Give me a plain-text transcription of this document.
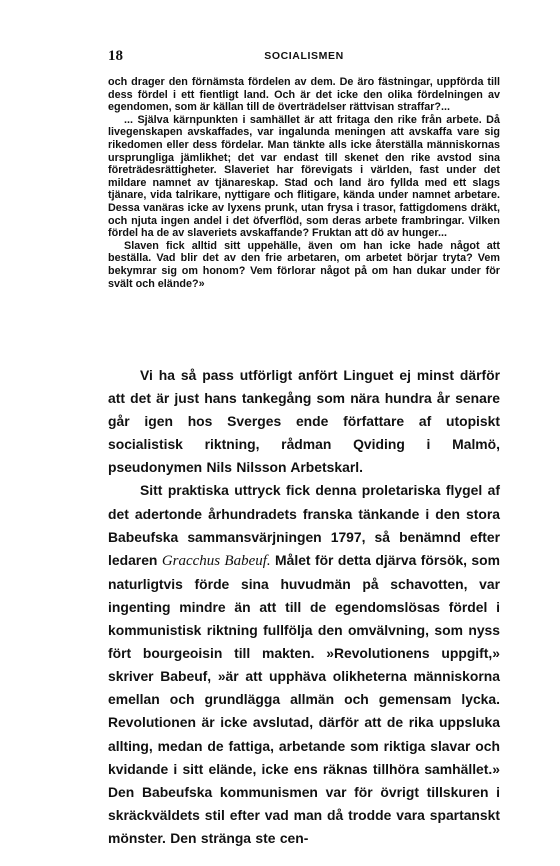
18	SOCIALISMEN

och drager den förnämsta fördelen av dem. De äro fästningar, uppförda till dess fördel i ett fientligt land. Och är det icke den olika fördelningen av egendomen, som är källan till de överträdelser rättvisan straffar?...

... Själva kärnpunkten i samhället är att fritaga den rike från arbete. Då livegenskapen avskaffades, var ingalunda meningen att avskaffa vare sig rikedomen eller dess fördelar. Man tänkte alls icke återställa människornas ursprungliga jämlikhet; det var endast till skenet den rike avstod sina företrädesrättigheter. Slaveriet har förevigats i världen, fast under det mildare namnet av tjänareskap. Stad och land äro fyllda med ett slags tjänare, vida talrikare, nyttigare och flitigare, kända under namnet arbetare. Dessa vanäras icke av lyxens prunk, utan frysa i trasor, fattigdomens dräkt, och njuta ingen andel i det öfverflöd, som deras arbete frambringar. Vilken fördel ha de av slaveriets avskaffande? Fruktan att dö av hunger...

Slaven fick alltid sitt uppehälle, även om han icke hade något att beställa. Vad blir det av den frie arbetaren, om arbetet börjar tryta? Vem bekymrar sig om honom? Vem förlorar något på om han dukar under för svält och elände?»

Vi ha så pass utförligt anfört Linguet ej minst därför att det är just hans tankegång som nära hundra år senare går igen hos Sverges ende författare af utopiskt socialistisk riktning, rådman Qviding i Malmö, pseudonymen Nils Nilsson Arbetskarl.

Sitt praktiska uttryck fick denna proletariska flygel af det adertonde århundradets franska tänkande i den stora Babeufska sammansvärjningen 1797, så benämnd efter ledaren Gracchus Babeuf. Målet för detta djärva försök, som naturligtvis förde sina huvudmän på schavotten, var ingenting mindre än att till de egendomslösas fördel i kommunistisk riktning fullfölja den omvälvning, som nyss fört bourgeoisin till makten. »Revolutionens uppgift,» skriver Babeuf, »är att upphäva olikheterna människorna emellan och grundlägga allmän och gemensam lycka. Revolutionen är icke avslutad, därför att de rika uppsluka allting, medan de fattiga, arbetande som riktiga slavar och kvidande i sitt elände, icke ens räknas tillhöra samhället.» Den Babeufska kommunismen var för övrigt tillskuren i skräckväldets stil efter vad man då trodde vara spartanskt mönster. Den stränga ste cen-
